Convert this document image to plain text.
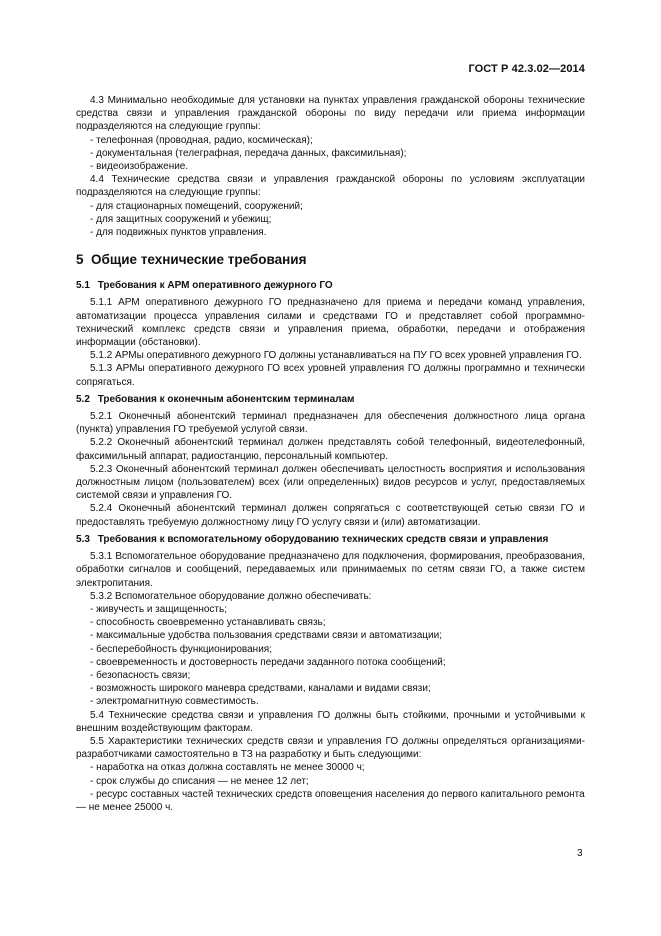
ГОСТ Р 42.3.02—2014

4.3 Минимально необходимые для установки на пунктах управления гражданской обороны технические средства связи и управления гражданской обороны по виду передачи или приема информации подразделяются на следующие группы:

- телефонная (проводная, радио, космическая);
- документальная (телеграфная, передача данных, факсимильная);
- видеоизображение.

4.4 Технические средства связи и управления гражданской обороны по условиям эксплуатации подразделяются на следующие группы:

- для стационарных помещений, сооружений;
- для защитных сооружений и убежищ;
- для подвижных пунктов управления.
5 Общие технические требования
5.1 Требования к АРМ оперативного дежурного ГО

5.1.1 АРМ оперативного дежурного ГО предназначено для приема и передачи команд управления, автоматизации процесса управления силами и средствами ГО и представляет собой программно-технический комплекс средств связи и управления приема, обработки, передачи и отображения информации (обстановки).

5.1.2 АРМы оперативного дежурного ГО должны устанавливаться на ПУ ГО всех уровней управления ГО.

5.1.3 АРМы оперативного дежурного ГО всех уровней управления ГО должны программно и технически сопрягаться.

5.2 Требования к оконечным абонентским терминалам

5.2.1 Оконечный абонентский терминал предназначен для обеспечения должностного лица органа (пункта) управления ГО требуемой услугой связи.

5.2.2 Оконечный абонентский терминал должен представлять собой телефонный, видеотелефонный, факсимильный аппарат, радиостанцию, персональный компьютер.

5.2.3 Оконечный абонентский терминал должен обеспечивать целостность восприятия и использования должностным лицом (пользователем) всех (или определенных) видов ресурсов и услуг, предоставляемых системой связи и управления ГО.

5.2.4 Оконечный абонентский терминал должен сопрягаться с соответствующей сетью связи ГО и предоставлять требуемую должностному лицу ГО услугу связи и (или) автоматизации.

5.3 Требования к вспомогательному оборудованию технических средств связи и управления

5.3.1 Вспомогательное оборудование предназначено для подключения, формирования, преобразования, обработки сигналов и сообщений, передаваемых или принимаемых по сетям связи ГО, а также систем электропитания.

5.3.2 Вспомогательное оборудование должно обеспечивать:

- живучесть и защищенность;
- способность своевременно устанавливать связь;
- максимальные удобства пользования средствами связи и автоматизации;
- бесперебойность функционирования;
- своевременность и достоверность передачи заданного потока сообщений;
- безопасность связи;
- возможность широкого маневра средствами, каналами и видами связи;
- электромагнитную совместимость.

5.4 Технические средства связи и управления ГО должны быть стойкими, прочными и устойчивыми к внешним воздействующим факторам.

5.5 Характеристики технических средств связи и управления ГО должны определяться организациями-разработчиками самостоятельно в ТЗ на разработку и быть следующими:

- наработка на отказ должна составлять не менее 30000 ч;
- срок службы до списания — не менее 12 лет;
- ресурс составных частей технических средств оповещения населения до первого капитального ремонта — не менее 25000 ч.
3
